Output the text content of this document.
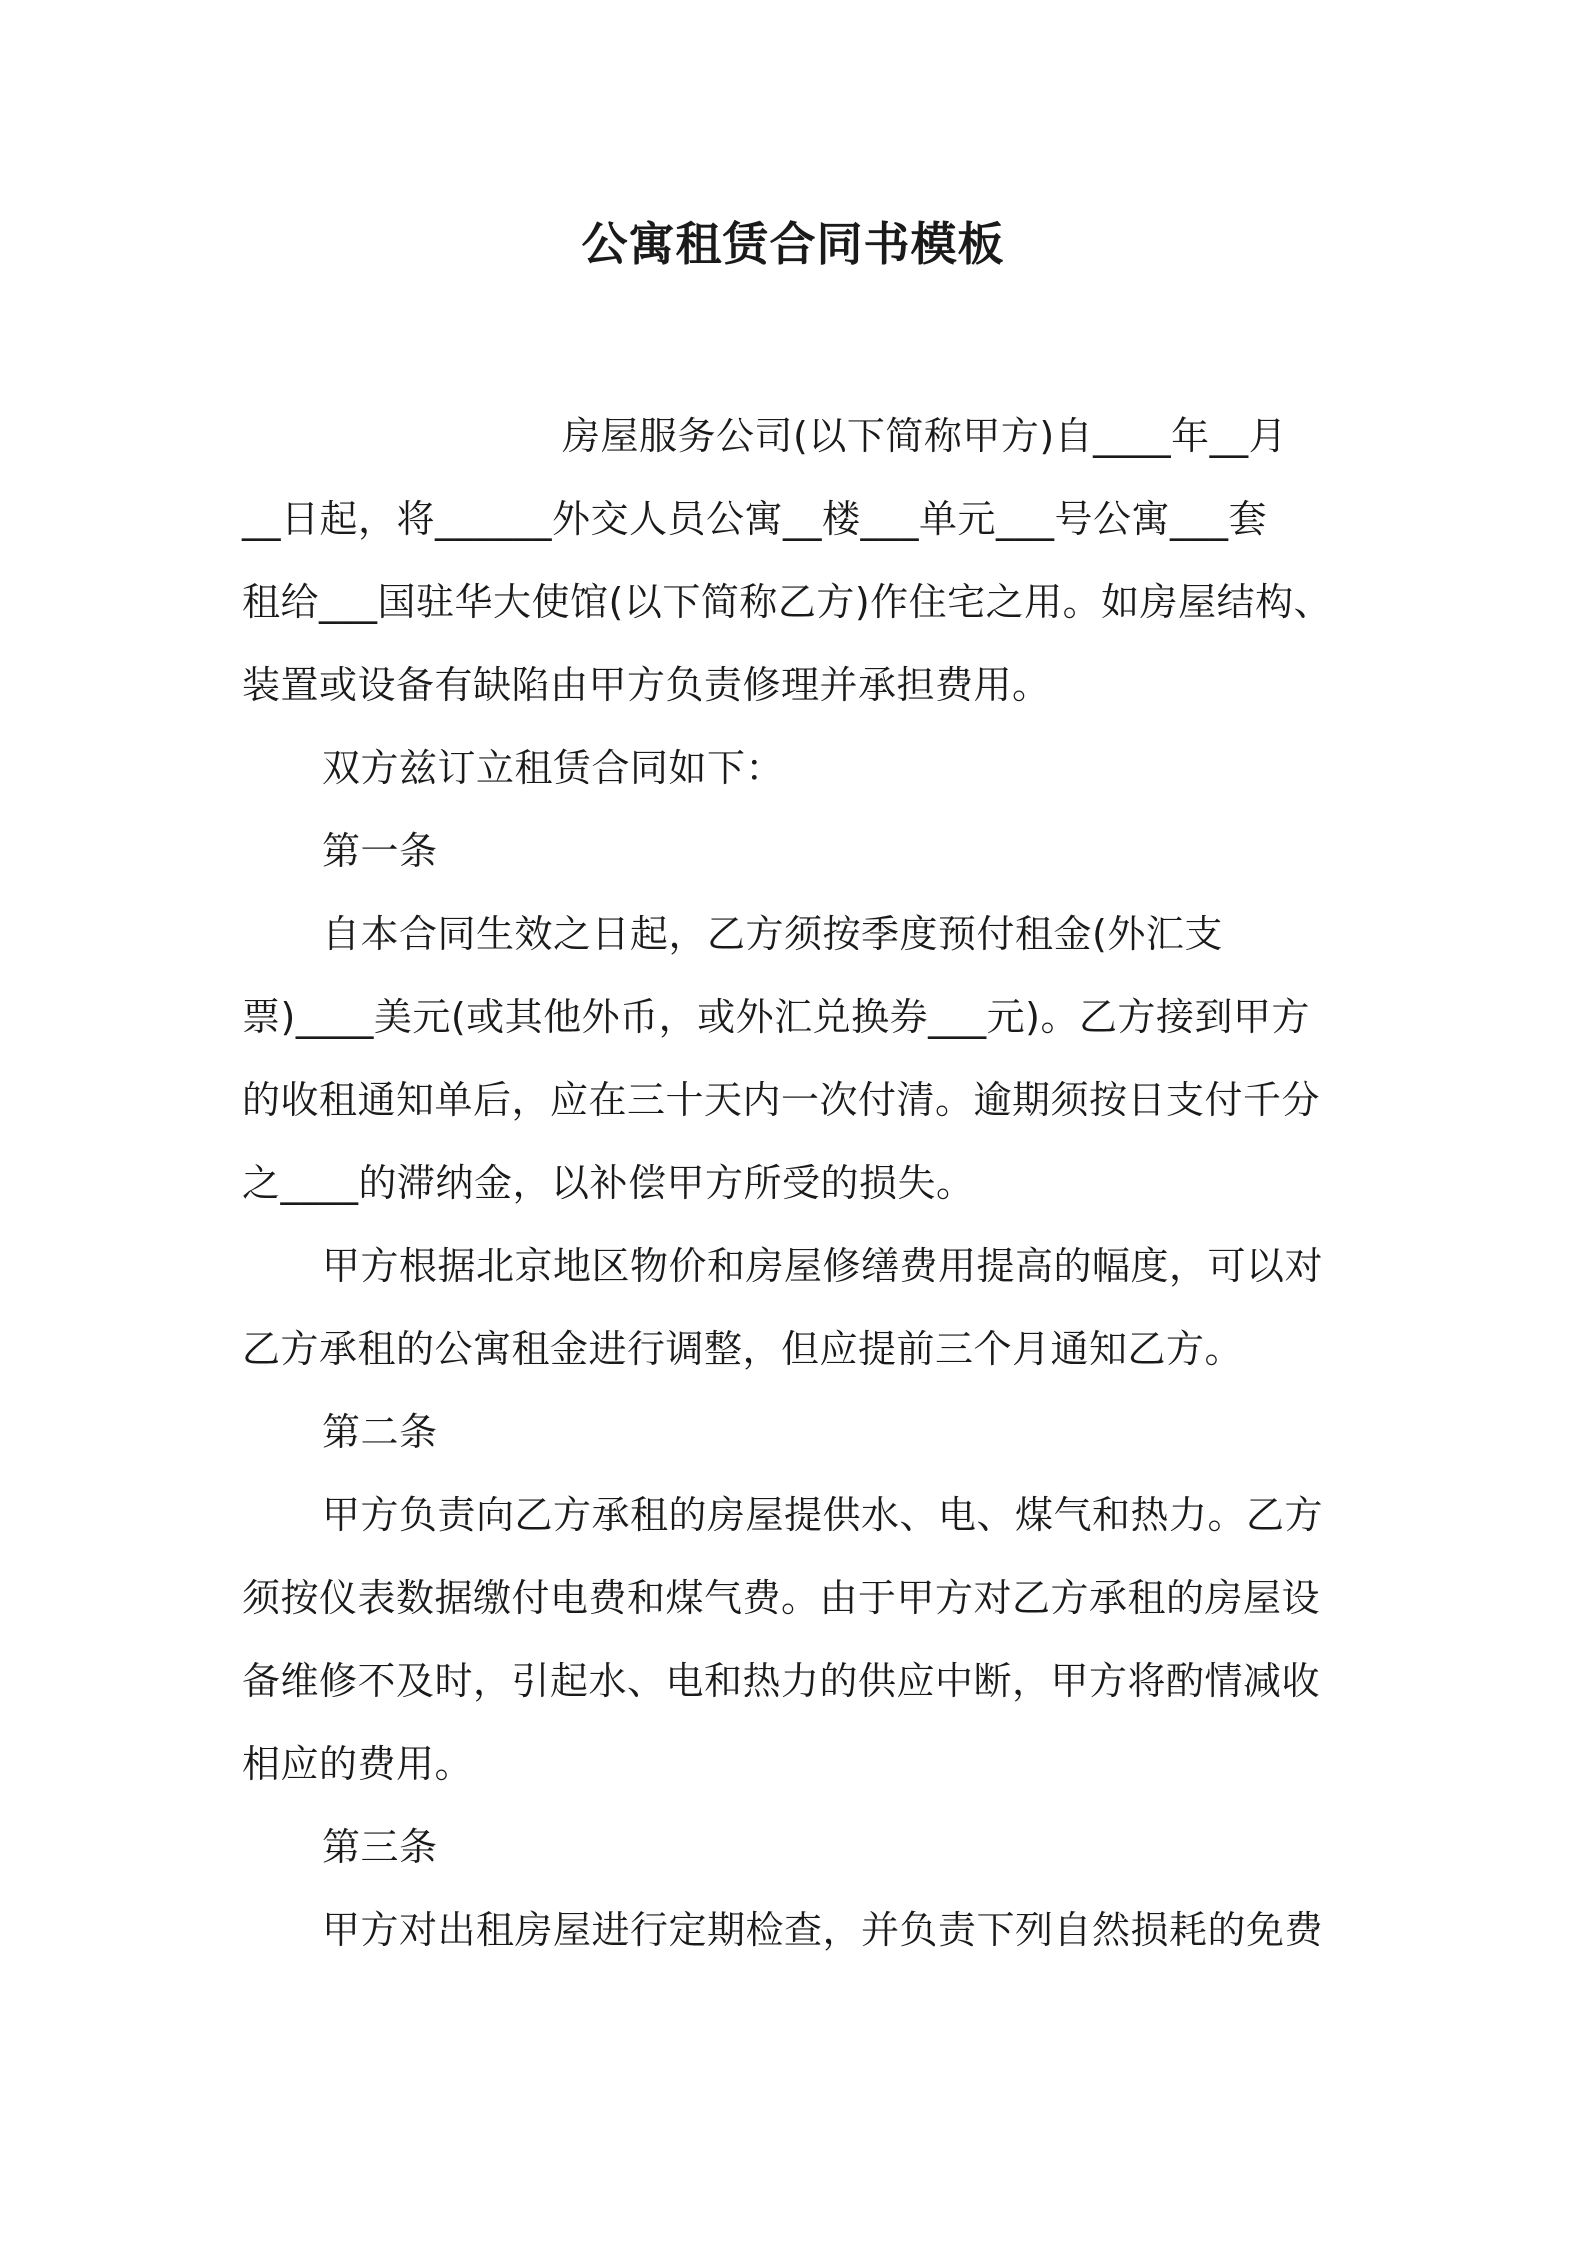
公寓租赁合同书模板
房屋服务公司(以下简称甲方)自____年__月
__日起，将______外交人员公寓__楼___单元___号公寓___套
租给___国驻华大使馆(以下简称乙方)作住宅之用。如房屋结构、
装置或设备有缺陷由甲方负责修理并承担费用。
双方兹订立租赁合同如下：
第一条
自本合同生效之日起，乙方须按季度预付租金(外汇支
票)____美元(或其他外币，或外汇兑换券___元)。乙方接到甲方
的收租通知单后，应在三十天内一次付清。逾期须按日支付千分
之____的滞纳金，以补偿甲方所受的损失。
甲方根据北京地区物价和房屋修缮费用提高的幅度，可以对
乙方承租的公寓租金进行调整，但应提前三个月通知乙方。
第二条
甲方负责向乙方承租的房屋提供水、电、煤气和热力。乙方
须按仪表数据缴付电费和煤气费。由于甲方对乙方承租的房屋设
备维修不及时，引起水、电和热力的供应中断，甲方将酌情减收
相应的费用。
第三条
甲方对出租房屋进行定期检查，并负责下列自然损耗的免费
